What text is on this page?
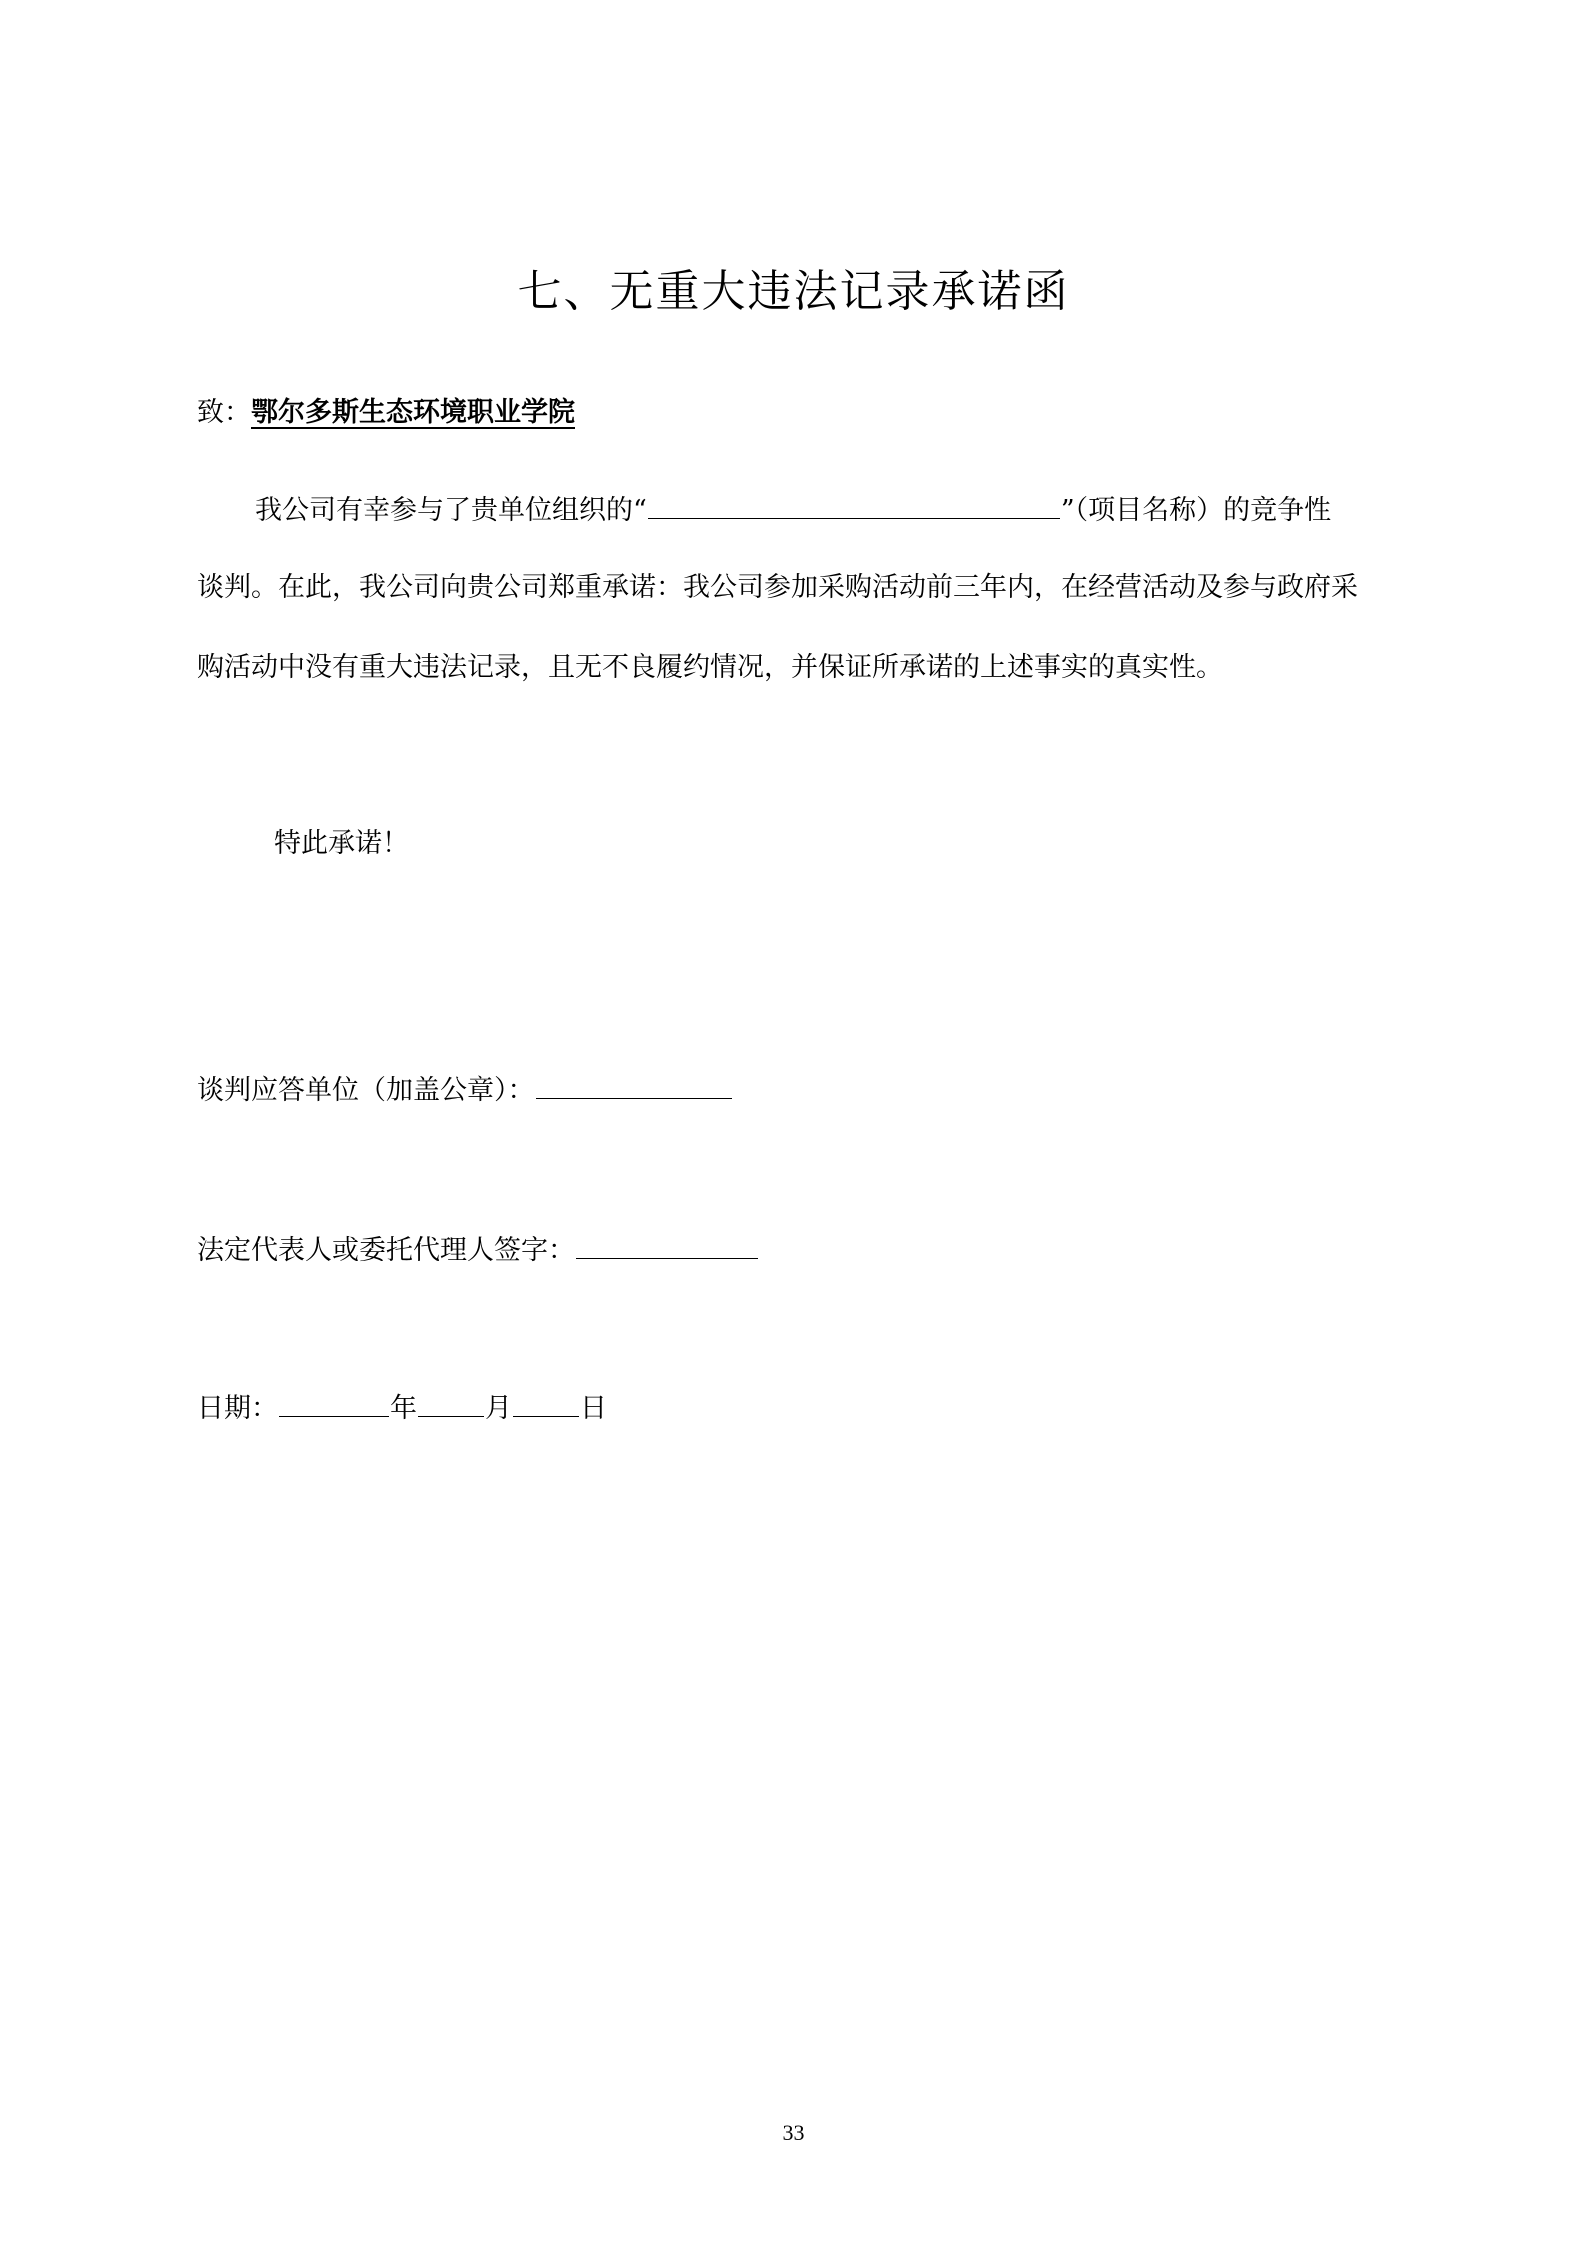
七、无重大违法记录承诺函
致：鄂尔多斯生态环境职业学院
我公司有幸参与了贵单位组织的“	”（项目名称）的竞争性
谈判。在此，我公司向贵公司郑重承诺：我公司参加采购活动前三年内，在经营活动及参与政府采
购活动中没有重大违法记录，且无不良履约情况，并保证所承诺的上述事实的真实性。
特此承诺！
谈判应答单位（加盖公章）：
法定代表人或委托代理人签字：
日期：	年	月	日
33
